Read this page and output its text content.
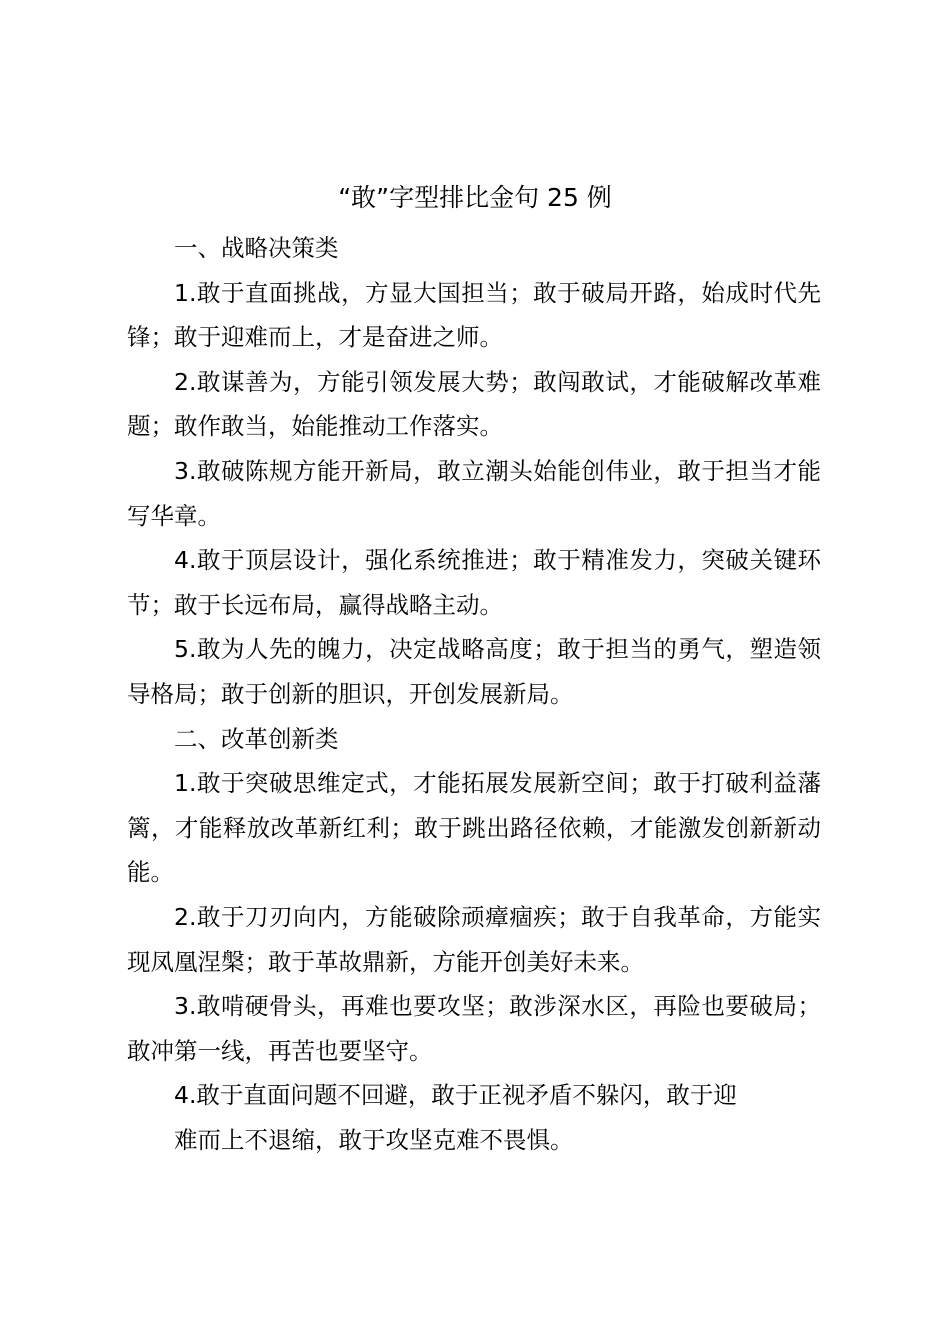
“敢”字型排比金句 25 例

一、战略决策类

1.敢于直面挑战，方显大国担当；敢于破局开路，始成时代先锋；敢于迎难而上，才是奋进之师。

2.敢谋善为，方能引领发展大势；敢闯敢试，才能破解改革难题；敢作敢当，始能推动工作落实。

3.敢破陈规方能开新局，敢立潮头始能创伟业，敢于担当才能写华章。

4.敢于顶层设计，强化系统推进；敢于精准发力，突破关键环节；敢于长远布局，赢得战略主动。

5.敢为人先的魄力，决定战略高度；敢于担当的勇气，塑造领导格局；敢于创新的胆识，开创发展新局。

二、改革创新类

1.敢于突破思维定式，才能拓展发展新空间；敢于打破利益藩篱，才能释放改革新红利；敢于跳出路径依赖，才能激发创新新动能。

2.敢于刀刃向内，方能破除顽瘴痼疾；敢于自我革命，方能实现凤凰涅槃；敢于革故鼎新，方能开创美好未来。

3.敢啃硬骨头，再难也要攻坚；敢涉深水区，再险也要破局；敢冲第一线，再苦也要坚守。

4.敢于直面问题不回避，敢于正视矛盾不躲闪，敢于迎

难而上不退缩，敢于攻坚克难不畏惧。
